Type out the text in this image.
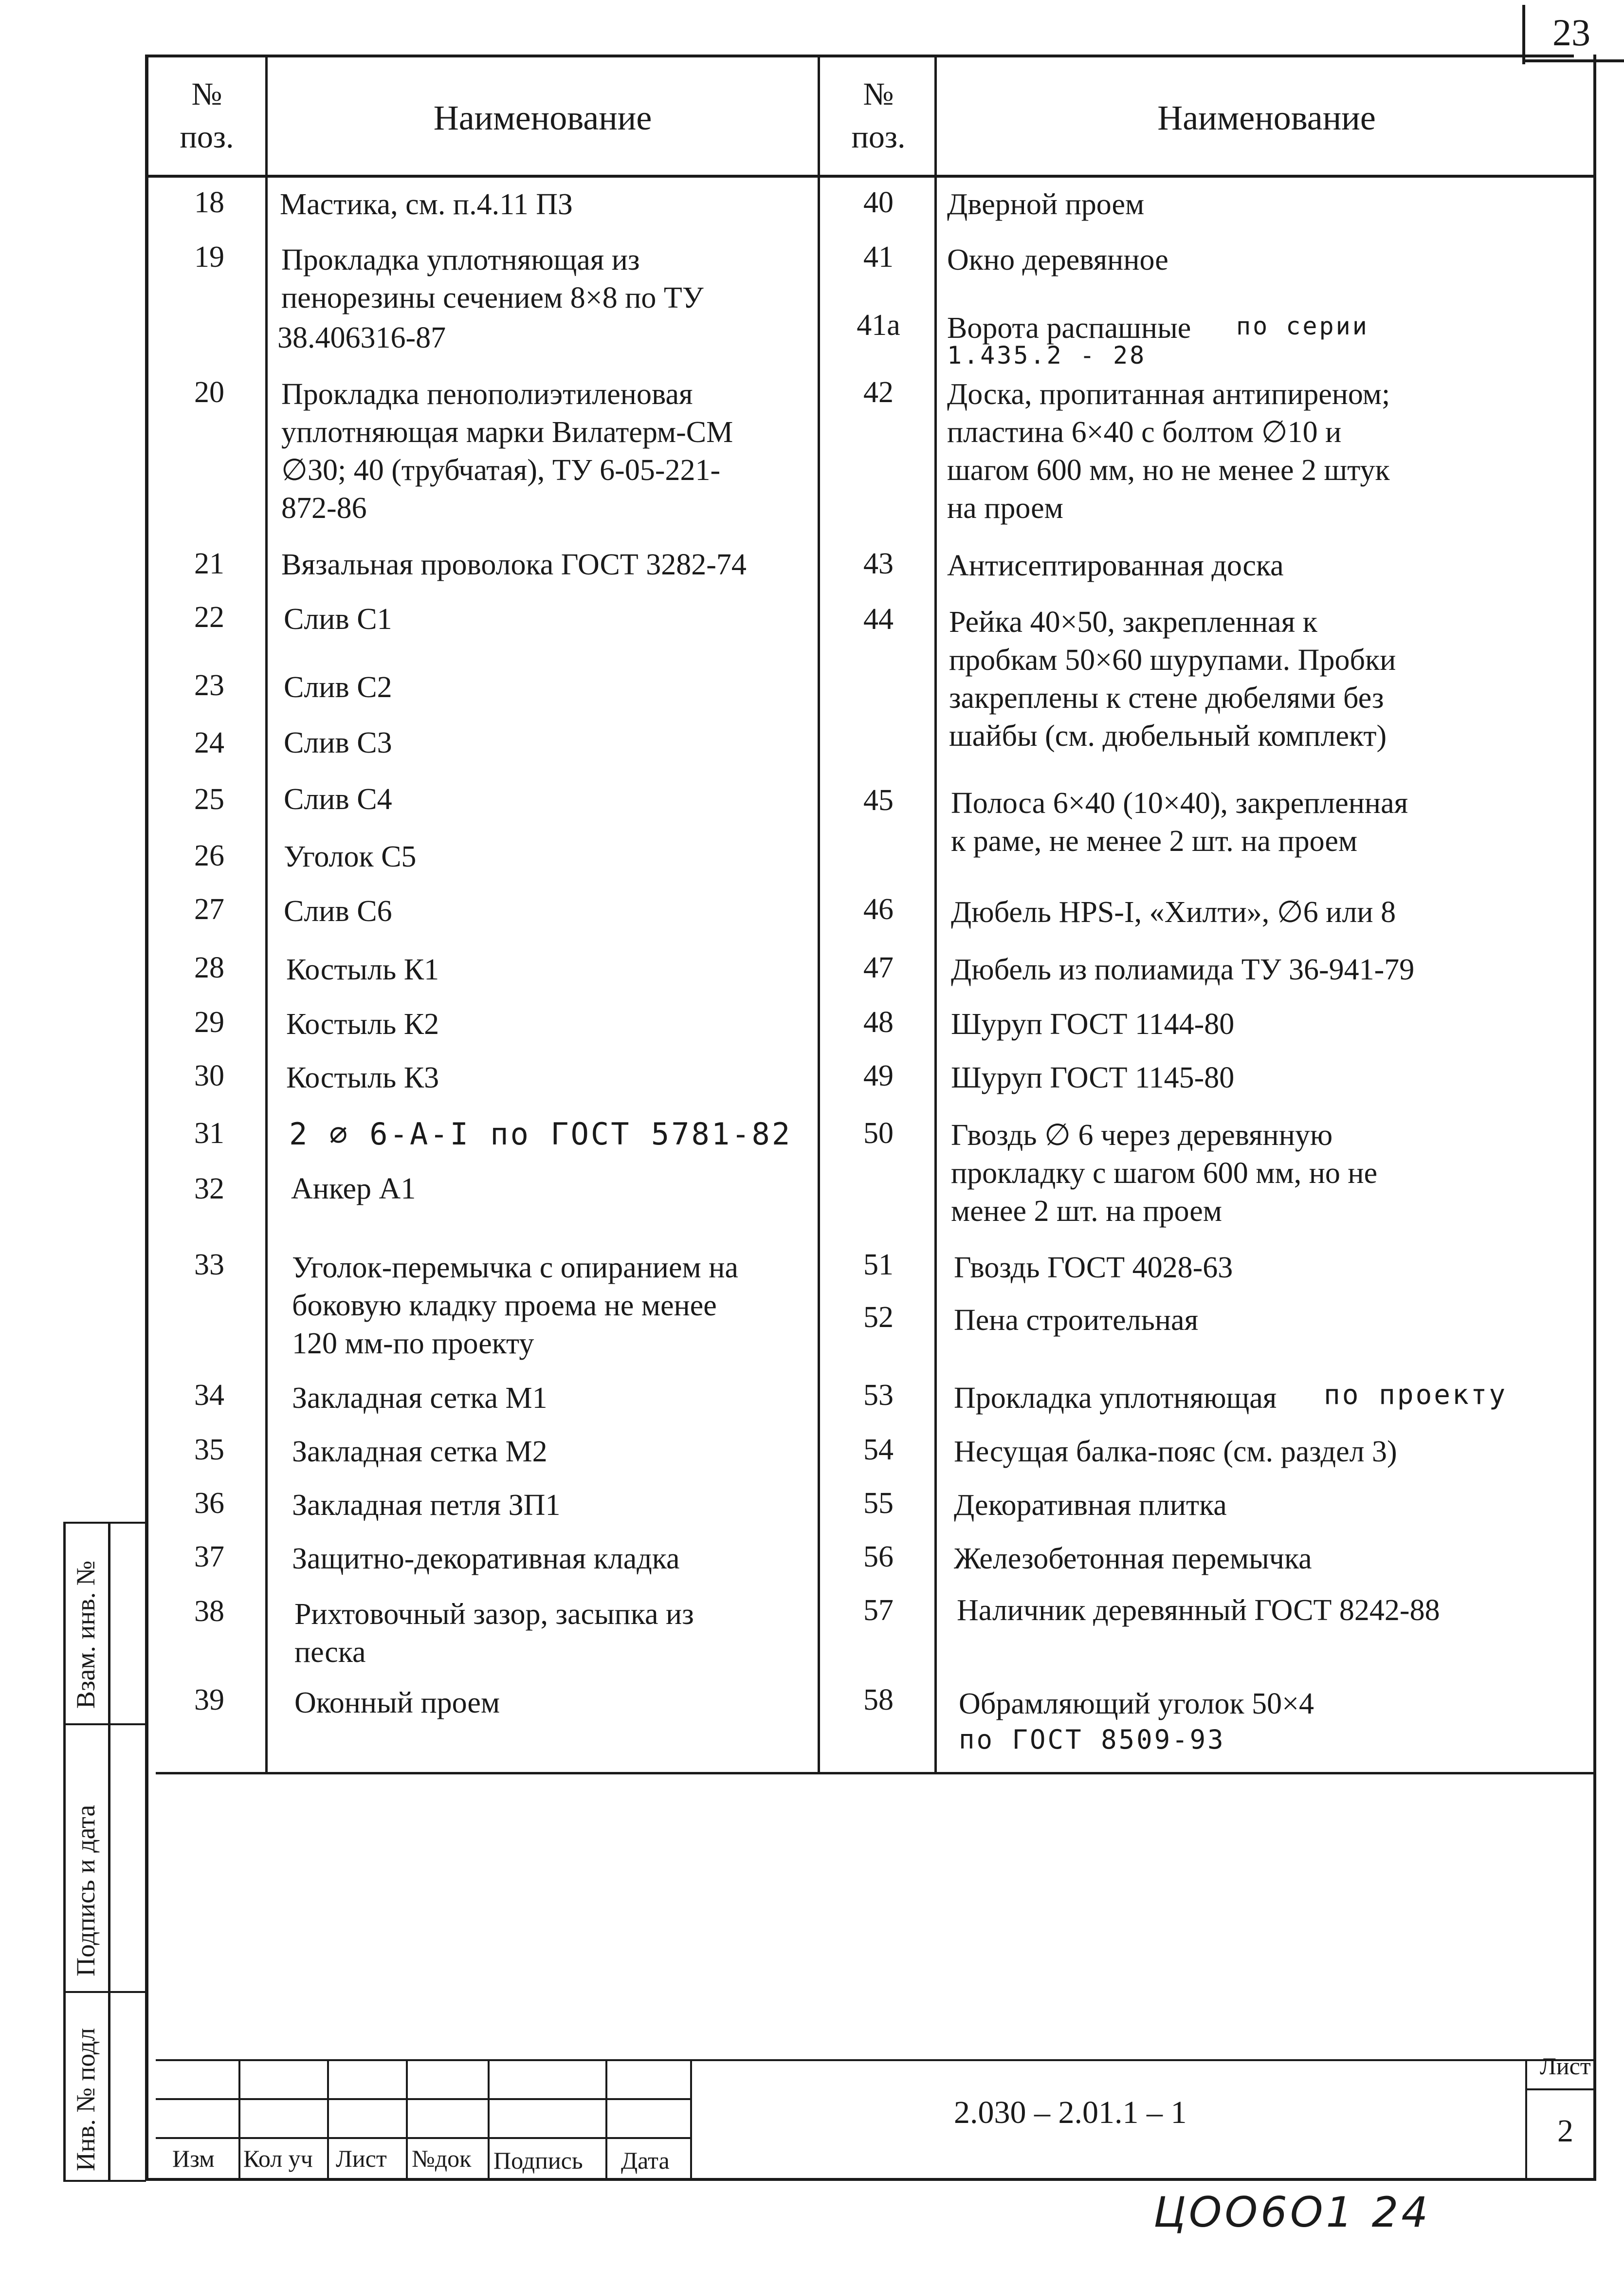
23
№
поз.	Наименование
№
поз.	Наименование
18	Мастика, см. п.4.11 ПЗ
19	Прокладка уплотняющая из
пенорезины сечением 8×8 по ТУ
38.406316-87
20	Прокладка пенополиэтиленовая
уплотняющая марки Вилатерм-СМ
∅30; 40 (трубчатая), ТУ 6-05-221-
872-86
21	Вязальная проволока ГОСТ 3282-74
22	Слив С1
23	Слив С2
24	Слив С3
25	Слив С4
26	Уголок С5
27	Слив С6
28	Костыль К1
29	Костыль К2
30	Костыль К3
31	2 ∅ 6-А-I по ГОСТ 5781-82
32	Анкер А1
33	Уголок-перемычка с опиранием на
боковую кладку проема не менее
120 мм-по проекту
34	Закладная сетка М1
35	Закладная сетка М2
36	Закладная петля ЗП1
37	Защитно-декоративная кладка
38	Рихтовочный зазор, засыпка из
песка
39	Оконный проем
40	Дверной проем
41	Окно деревянное
41а	Ворота распашные по серии
1.435.2 - 28
42	Доска, пропитанная антипиреном;
пластина 6×40 с болтом ∅10 и
шагом 600 мм, но не менее 2 штук
на проем
43	Антисептированная доска
44	Рейка 40×50, закрепленная к
пробкам 50×60 шурупами. Пробки
закреплены к стене дюбелями без
шайбы (см. дюбельный комплект)
45	Полоса 6×40 (10×40), закрепленная
к раме, не менее 2 шт. на проем
46	Дюбель HPS-I, «Хилти», ∅6 или 8
47	Дюбель из полиамида ТУ 36-941-79
48	Шуруп ГОСТ 1144-80
49	Шуруп ГОСТ 1145-80
50	Гвоздь ∅ 6 через деревянную
прокладку с шагом 600 мм, но не
менее 2 шт. на проем
51	Гвоздь ГОСТ 4028-63
52	Пена строительная
53	Прокладка уплотняющая по проекту
54	Несущая балка-пояс (см. раздел 3)
55	Декоративная плитка
56	Железобетонная перемычка
57	Наличник деревянный ГОСТ 8242-88
58	Обрамляющий уголок 50×4
по ГОСТ 8509-93
Взам. инв. №
Подпись и дата
Инв. № подл	Изм Кол уч Лист №док Подпись Дата
2.030 – 2.01.1 – 1
Лист
2
ЦОО6О1 24
